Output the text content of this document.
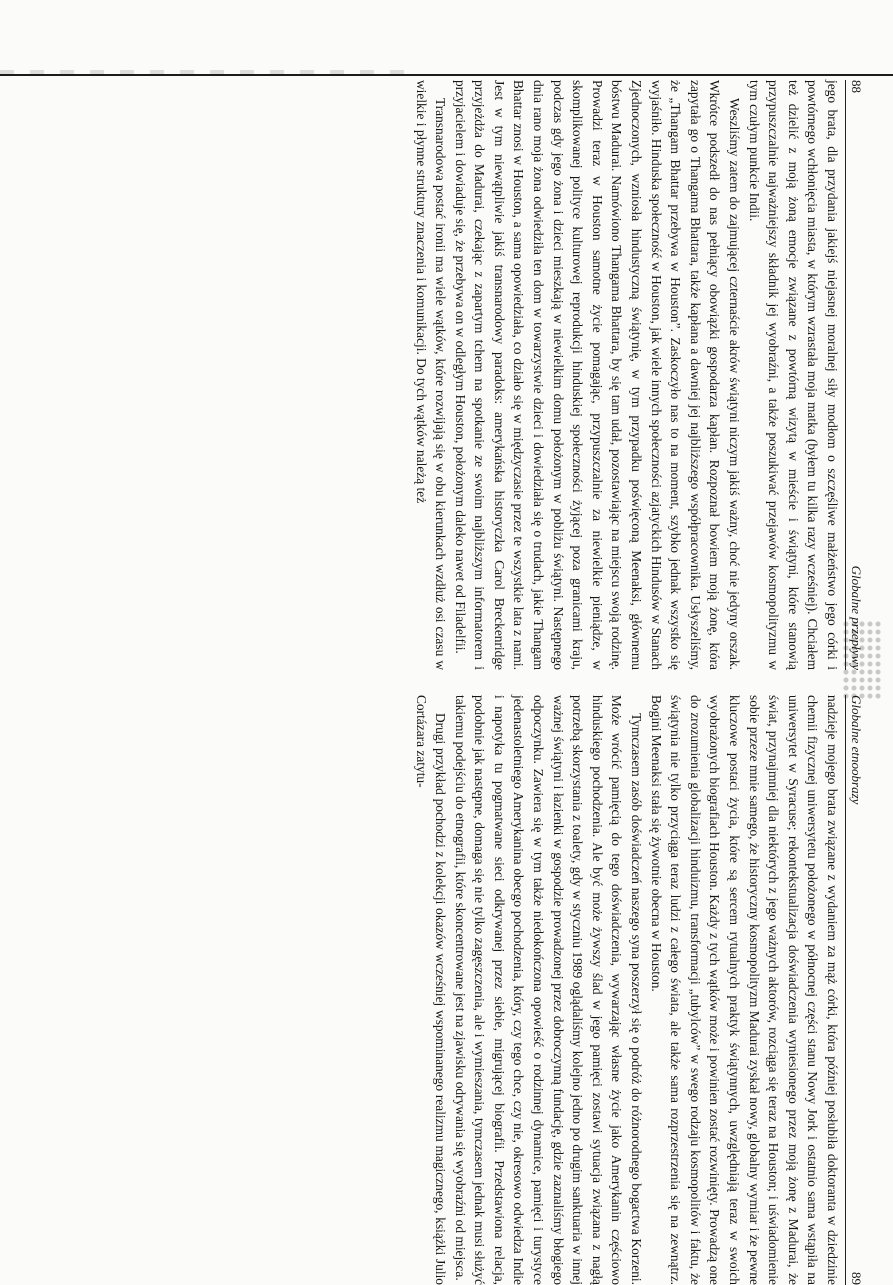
88
Globalne przepływy

jego brata, dla przydania jakiejś niejasnej moralnej siły modłom o szczęśliwe małżeństwo jego córki i powtórnego wchłonięcia miasta, w którym wzrastała moja matka (byłem tu kilka razy wcześniej). Chciałem też dzielić z moją żoną emocje związane z powtórną wizytą w mieście i świątyni, które stanowią przypuszczalnie najważniejszy składnik jej wyobraźni, a także poszukiwać przejawów kosmopolityzmu w tym czułym punkcie Indii.

Weszliśmy zatem do zajmującej czternaście akrów świątyni niczym jakiś ważny, choć nie jedyny orszak. Wkrótce podszedł do nas pełniący obowiązki gospodarza kapłan. Rozpoznał bowiem moją żonę, która zapytała go o Thangama Bhattara, także kapłana a dawniej jej najbliższego współpracownika. Usłyszeliśmy, że „Thangam Bhattar przebywa w Houston”. Zaskoczyło nas to na moment, szybko jednak wszystko się wyjaśniło. Hinduska społeczność w Houston, jak wiele innych społeczności azjatyckich Hindusów w Stanach Zjednoczonych, wzniosła hindustyczną świątynię, w tym przypadku poświęconą Meenaksi, głównemu bóstwu Madurai. Namówiono Thangama Bhattara, by się tam udał, pozostawiając na miejscu swoją rodzinę. Prowadzi teraz w Houston samotne życie pomagając, przypuszczalnie za niewielkie pieniądze, w skomplikowanej polityce kulturowej reprodukcji hinduskiej społeczności żyjącej poza granicami kraju, podczas gdy jego żona i dzieci mieszkają w niewielkim domu położonym w pobliżu świątyni. Następnego dnia rano moja żona odwiedziła ten dom w towarzystwie dzieci i dowiedziała się o trudach, jakie Thangam Bhattar znosi w Houston, a sama opowiedziała, co działo się w międzyczasie przez te wszystkie lata z nami. Jest w tym niewątpliwie jakiś transnarodowy paradoks: amerykańska historyczka Carol Breckenridge przyjeżdża do Madurai, czekając z zapartym tchem na spotkanie ze swoim najbliższym informatorem i przyjacielem i dowiaduje się, że przebywa on w odległym Houston, położonym daleko nawet od Filadelfii.

Transnarodowa postać ironii ma wiele wątków, które rozwijają się w obu kierunkach wzdłuż osi czasu w wielkie i płynne struktury znaczenia i komunikacji. Do tych wątków należą też

Globalne etnoobrazy
89

nadzieje mojego brata związane z wydaniem za mąż córki, która później posłubiła doktorantа w dziedzinie chemii fizycznej uniwersytetu położonego w północnej części stanu Nowy Jork i ostatnio sama wstąpiła na uniwersytet w Syracuse; rekontekstualizacja doświadczenia wyniesionego przez moją żonę z Madurai, że świat, przynajmniej dla niektórych z jego ważnych aktorów, rozciąga się teraz na Houston; i uświadomienie sobie przeze mnie samego, że historyczny kosmopolityzm Madurai zyskał nowy, globalny wymiar i że pewne kluczowe postaci życia, które są sercem rytualnych praktyk świątynnych, uwzględniają teraz w swoich wyobrażonych biografiach Houston. Każdy z tych wątków może i powinien zostać rozwinięty. Prowadzą one do zrozumienia globalizacji hinduizmu, transformacji „tubylców” w swego rodzaju kosmopolitów i faktu, że świątynia nie tylko przyciąga teraz ludzi z całego świata, ale także sama rozprzestrzenia się na zewnątrz. Bogini Meenaksi stała się żywotnie obecna w Houston.

Tymczasem zasób doświadczeń naszego syna poszerzył się o podróż do różnorodnego bogactwa Korzeni. Może wrócić pamięcią do tego doświadczenia, wywarzając własne życie jako Amerykanin częściowo hinduskiego pochodzenia. Ale być może żywszy ślad w jego pamięci zostawi sytuacja związana z nagłą potrzebą skorzystania z toalety, gdy w styczniu 1989 oglądaliśmy kolejno jedno po drugim sanktuaria w innej ważnej świątyni i łazienki w gospodzie prowadzonej przez dobroczynną fundację, gdzie zaznaliśmy błogiego odpoczynku. Zawiera się w tym także niedokończona opowieść o rodzinnej dynamice, pamięci i turystyce jedenastoletniego Amerykanina obecgo pochodzenia, który, czy tego chce, czy nie, okresowo odwiedza Indie i napotyka tu pogmatwane sieci odkrywanej przez siebie, migrującej biografii. Przedstawiona relacja, podobnie jak następne, domaga się nie tylko zagęszczenia, ale i wymieszania, tymczasem jednak musi służyć takiemu podejściu do etnografii, które skoncentrowane jest na zjawisku odrywania się wyobraźni od miejsca.

Drugi przykład pochodzi z kolekcji okazów wcześniej wspominanego realizmu magicznego, książki Julio Cortázara zatytu-
